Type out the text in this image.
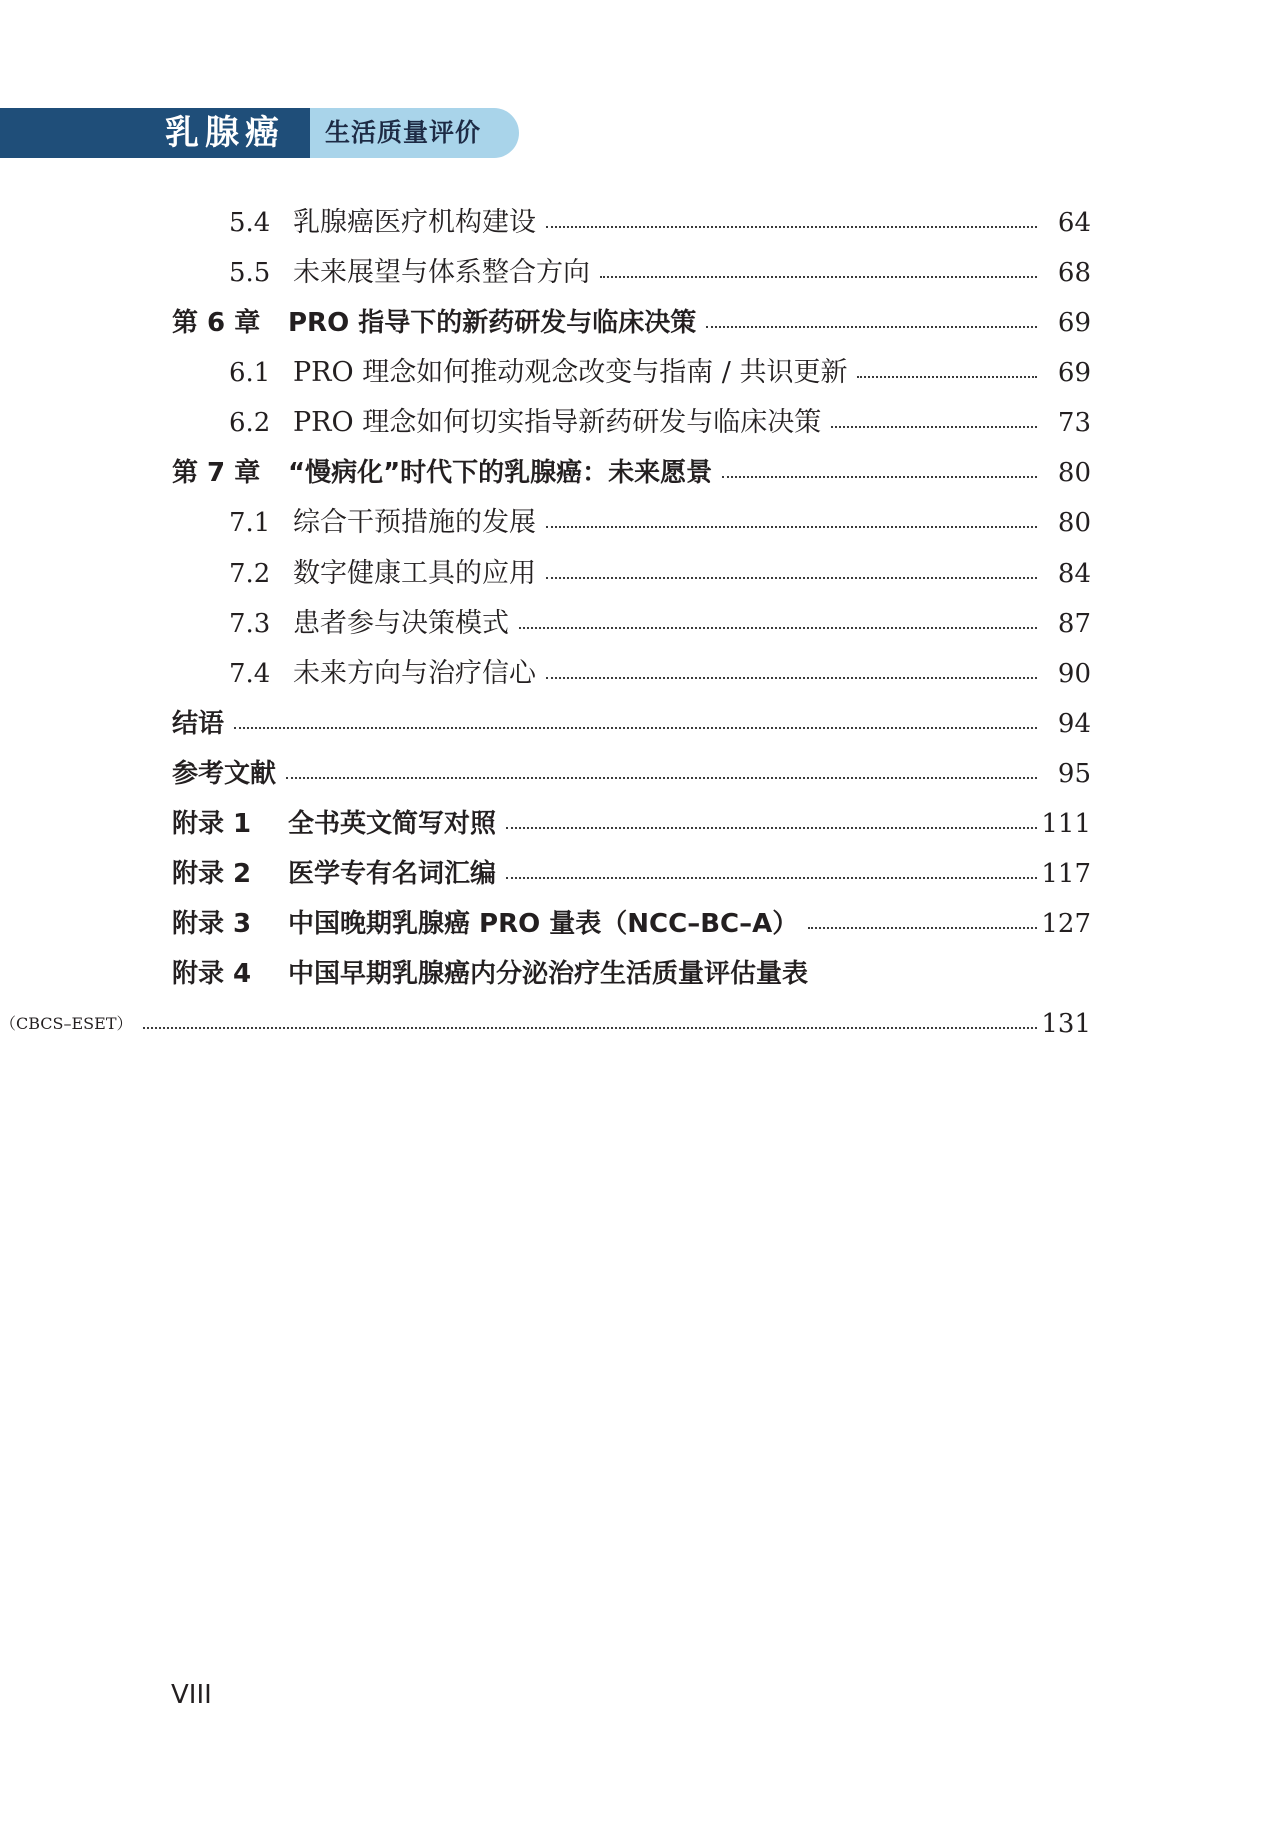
乳腺癌 生活质量评价
5.4 乳腺癌医疗机构建设	64
5.5 未来展望与体系整合方向	68
第 6 章 PRO 指导下的新药研发与临床决策	69
6.1 PRO 理念如何推动观念改变与指南 / 共识更新	69
6.2 PRO 理念如何切实指导新药研发与临床决策	73
第 7 章 “慢病化”时代下的乳腺癌：未来愿景	80
7.1 综合干预措施的发展	80
7.2 数字健康工具的应用	84
7.3 患者参与决策模式	87
7.4 未来方向与治疗信心	90
结语	94
参考文献	95
附录 1 全书英文简写对照	111
附录 2 医学专有名词汇编	117
附录 3 中国晚期乳腺癌 PRO 量表（NCC–BC–A）	127
附录 4 中国早期乳腺癌内分泌治疗生活质量评估量表
（CBCS–ESET）	131
VIII
